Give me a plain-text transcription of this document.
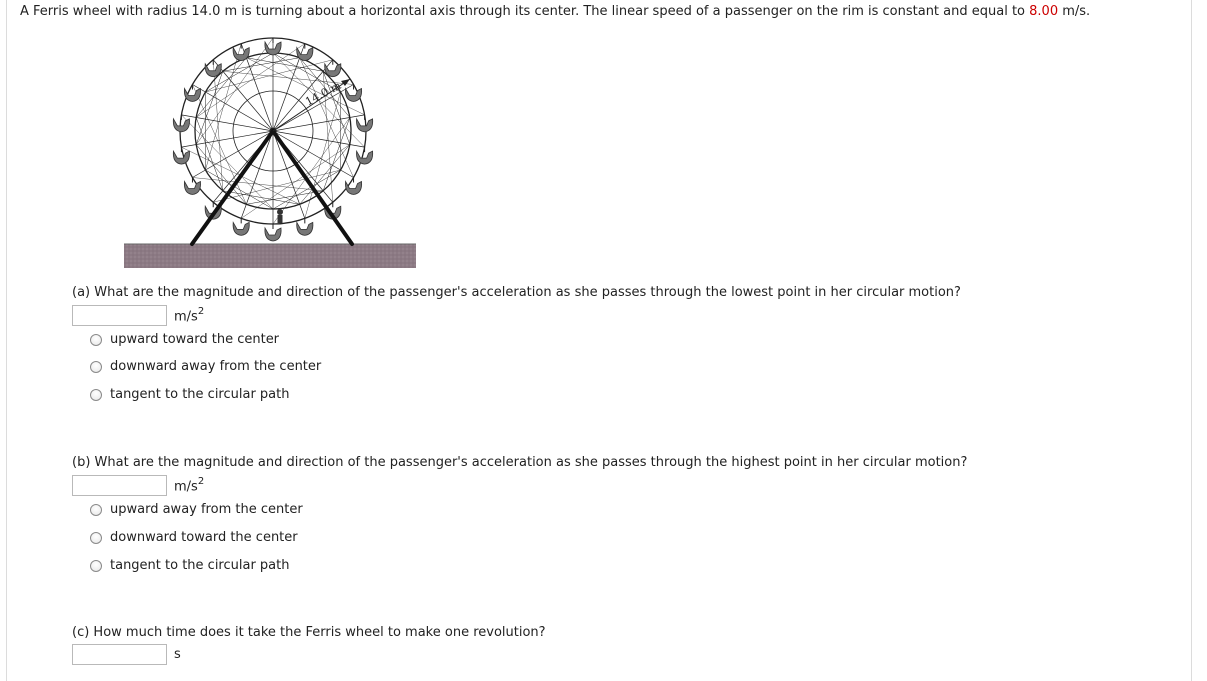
A Ferris wheel with radius 14.0 m is turning about a horizontal axis through its center. The linear speed of a passenger on the rim is constant and equal to 8.00 m/s.
14.0 m
(a) What are the magnitude and direction of the passenger's acceleration as she passes through the lowest point in her circular motion?
$m/s^2$
upward toward the center
downward away from the center
tangent to the circular path
(b) What are the magnitude and direction of the passenger's acceleration as she passes through the highest point in her circular motion?
$m/s^2$
upward away from the center
downward toward the center
tangent to the circular path
(c) How much time does it take the Ferris wheel to make one revolution?
s
